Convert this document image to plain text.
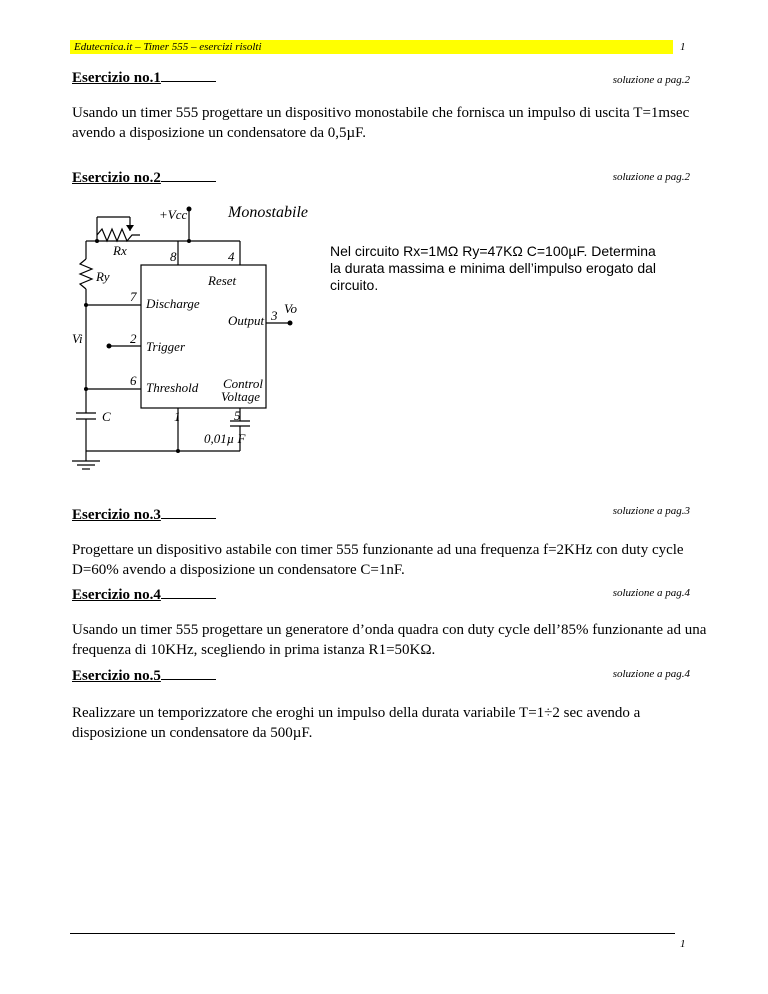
Edutecnica.it – Timer 555 – esercizi risolti	1
Esercizio no.1	soluzione a pag.2
Usando un timer 555 progettare un dispositivo monostabile che fornisca un impulso di uscita T=1msec avendo a disposizione un condensatore da 0,5µF.
Esercizio no.2	soluzione a pag.2
Monostabile
+Vcc
Rx
Ry
Vi
Vo
C
0,01µ F
8	4
7
2
6
1	5
3
Reset
Discharge
Output
Trigger
Threshold Control
Voltage
Nel circuito Rx=1MΩ Ry=47KΩ C=100µF. Determina la durata massima e minima dell’impulso erogato dal circuito.
Esercizio no.3	soluzione a pag.3
Progettare un dispositivo astabile con timer 555 funzionante ad una frequenza f=2KHz con duty cycle D=60% avendo a disposizione un condensatore C=1nF.
Esercizio no.4	soluzione a pag.4
Usando un timer 555 progettare un generatore d’onda quadra con duty cycle dell’85% funzionante ad una frequenza di 10KHz, scegliendo in prima istanza R1=50KΩ.
Esercizio no.5	soluzione a pag.4
Realizzare un temporizzatore che eroghi un impulso della durata variabile T=1÷2 sec avendo a disposizione un condensatore da 500µF.
1
